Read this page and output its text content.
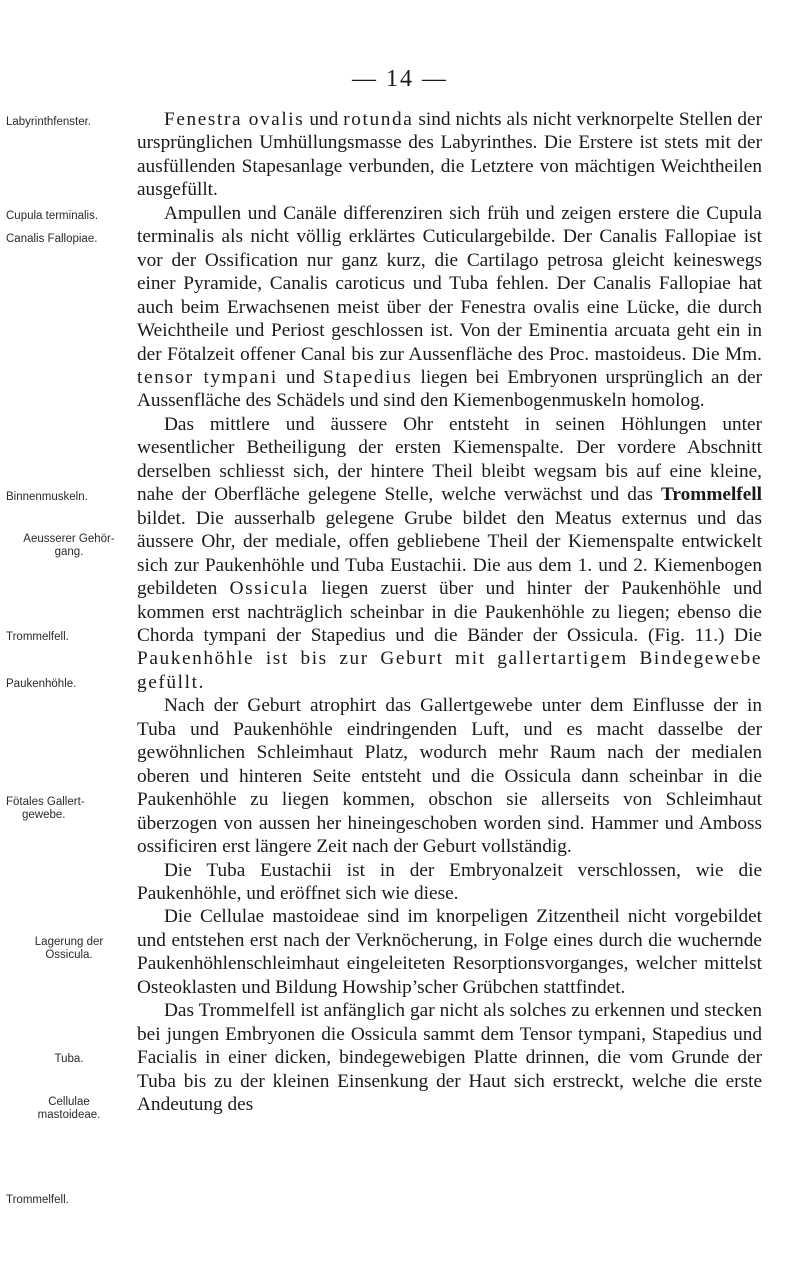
— 14 —
Labyrinthfenster.
Cupula terminalis.
Canalis Fallopiae.
Binnenmuskeln.
Aeusserer Gehör-
gang.
Trommelfell.
Paukenhöhle.
Fötales Gallert-
gewebe.
Lagerung der
Ossicula.
Tuba.
Cellulae
mastoideae.
Trommelfell.

Fenestra ovalis und rotunda sind nichts als nicht verknorpelte Stellen der ursprünglichen Umhüllungsmasse des Labyrinthes. Die Erstere ist stets mit der ausfüllenden Stapesanlage verbunden, die Letztere von mächtigen Weichtheilen ausgefüllt.

Ampullen und Canäle differenziren sich früh und zeigen erstere die Cupula terminalis als nicht völlig erklärtes Cuticulargebilde. Der Canalis Fallopiae ist vor der Ossification nur ganz kurz, die Cartilago petrosa gleicht keineswegs einer Pyramide, Canalis caroticus und Tuba fehlen. Der Canalis Fallopiae hat auch beim Erwachsenen meist über der Fenestra ovalis eine Lücke, die durch Weichtheile und Periost geschlossen ist. Von der Eminentia arcuata geht ein in der Fötalzeit offener Canal bis zur Aussenfläche des Proc. mastoideus. Die Mm. tensor tympani und Stapedius liegen bei Embryonen ursprünglich an der Aussenfläche des Schädels und sind den Kiemenbogenmuskeln homolog.

Das mittlere und äussere Ohr entsteht in seinen Höhlungen unter wesentlicher Betheiligung der ersten Kiemenspalte. Der vordere Abschnitt derselben schliesst sich, der hintere Theil bleibt wegsam bis auf eine kleine, nahe der Oberfläche gelegene Stelle, welche verwächst und das Trommelfell bildet. Die ausserhalb gelegene Grube bildet den Meatus externus und das äussere Ohr, der mediale, offen gebliebene Theil der Kiemenspalte entwickelt sich zur Paukenhöhle und Tuba Eustachii. Die aus dem 1. und 2. Kiemenbogen gebildeten Ossicula liegen zuerst über und hinter der Paukenhöhle und kommen erst nachträglich scheinbar in die Paukenhöhle zu liegen; ebenso die Chorda tympani der Stapedius und die Bänder der Ossicula. (Fig. 11.) Die Paukenhöhle ist bis zur Geburt mit gallertartigem Bindegewebe gefüllt.

Nach der Geburt atrophirt das Gallertgewebe unter dem Einflusse der in Tuba und Paukenhöhle eindringenden Luft, und es macht dasselbe der gewöhnlichen Schleimhaut Platz, wodurch mehr Raum nach der medialen oberen und hinteren Seite entsteht und die Ossicula dann scheinbar in die Paukenhöhle zu liegen kommen, obschon sie allerseits von Schleimhaut überzogen von aussen her hineingeschoben worden sind. Hammer und Amboss ossificiren erst längere Zeit nach der Geburt vollständig.

Die Tuba Eustachii ist in der Embryonalzeit verschlossen, wie die Paukenhöhle, und eröffnet sich wie diese.

Die Cellulae mastoideae sind im knorpeligen Zitzentheil nicht vorgebildet und entstehen erst nach der Verknöcherung, in Folge eines durch die wuchernde Paukenhöhlenschleimhaut eingeleiteten Resorptionsvorganges, welcher mittelst Osteoklasten und Bildung Howship’scher Grübchen stattfindet.

Das Trommelfell ist anfänglich gar nicht als solches zu erkennen und stecken bei jungen Embryonen die Ossicula sammt dem Tensor tympani, Stapedius und Facialis in einer dicken, bindegewebigen Platte drinnen, die vom Grunde der Tuba bis zu der kleinen Einsenkung der Haut sich erstreckt, welche die erste Andeutung des
